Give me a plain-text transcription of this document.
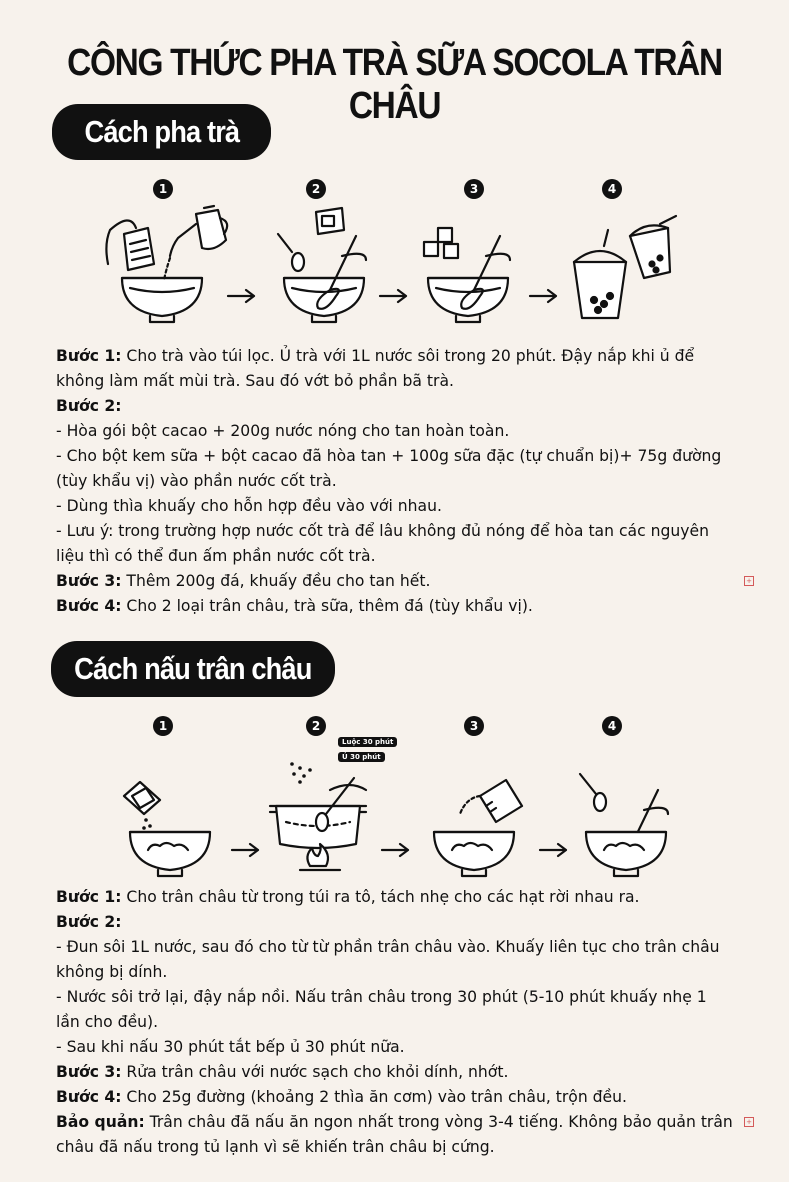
CÔNG THỨC PHA TRÀ SỮA SOCOLA TRÂN CHÂU
Cách pha trà
1	2	3	4

Bước 1: Cho trà vào túi lọc. Ủ trà với 1L nước sôi trong 20 phút. Đậy nắp khi ủ để

không làm mất mùi trà. Sau đó vớt bỏ phần bã trà.

Bước 2:

- Hòa gói bột cacao + 200g nước nóng cho tan hoàn toàn.

- Cho bột kem sữa + bột cacao đã hòa tan + 100g sữa đặc (tự chuẩn bị)+ 75g đường

(tùy khẩu vị) vào phần nước cốt trà.

- Dùng thìa khuấy cho hỗn hợp đều vào với nhau.

- Lưu ý: trong trường hợp nước cốt trà để lâu không đủ nóng để hòa tan các nguyên

liệu thì có thể đun ấm phần nước cốt trà.

Bước 3: Thêm 200g đá, khuấy đều cho tan hết.

Bước 4: Cho 2 loại trân châu, trà sữa, thêm đá (tùy khẩu vị).

+
Cách nấu trân châu
1	2	3	4
Luộc 30 phút
Ủ 30 phút

Bước 1: Cho trân châu từ trong túi ra tô, tách nhẹ cho các hạt rời nhau ra.

Bước 2:

- Đun sôi 1L nước, sau đó cho từ từ phần trân châu vào. Khuấy liên tục cho trân châu

không bị dính.

- Nước sôi trở lại, đậy nắp nồi. Nấu trân châu trong 30 phút (5-10 phút khuấy nhẹ 1

lần cho đều).

- Sau khi nấu 30 phút tắt bếp ủ 30 phút nữa.

Bước 3: Rửa trân châu với nước sạch cho khỏi dính, nhớt.

Bước 4: Cho 25g đường (khoảng 2 thìa ăn cơm) vào trân châu, trộn đều.

Bảo quản: Trân châu đã nấu ăn ngon nhất trong vòng 3-4 tiếng. Không bảo quản trân

châu đã nấu trong tủ lạnh vì sẽ khiến trân châu bị cứng.

+
